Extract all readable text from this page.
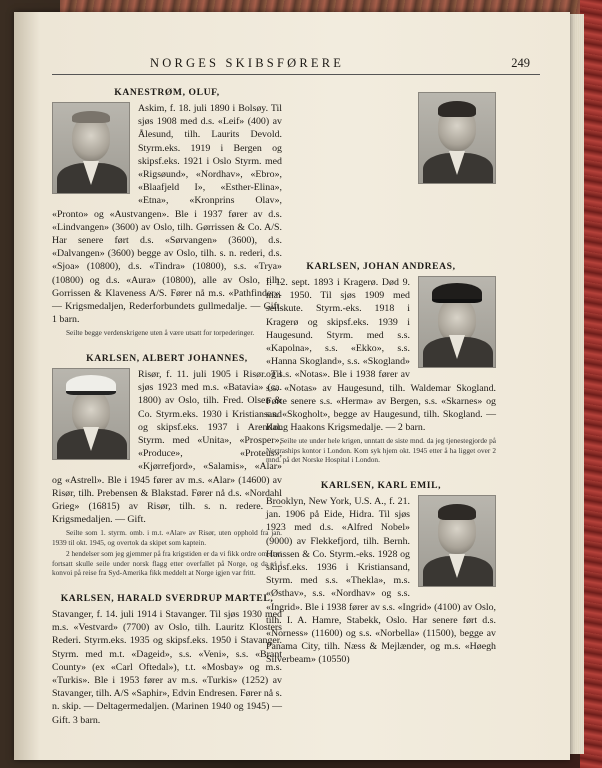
NORGES SKIBSFØRERE	249
KANESTRØM, OLUF,

Askim, f. 18. juli 1890 i Bolsøy. Til sjøs 1908 med d.s. «Leif» (400) av Ålesund, tilh. Laurits Devold. Styrm.eks. 1919 i Bergen og skipsf.eks. 1921 i Oslo Styrm. med «Rigsøund», «Nordhav», «Ebro», «Blaafjeld I», «Esther-Elina», «Etna», «Kronprins Olav», «Pronto» og «Austvangen». Ble i 1937 fører av d.s. «Lindvangen» (3600) av Oslo, tilh. Gørrissen & Co. A/S. Har senere ført d.s. «Sørvangen» (3600), d.s. «Dalvangen» (3600) begge av Oslo, tilh. s. n. rederi, d.s. «Sjoa» (10800), d.s. «Tindra» (10800), s.s. «Trya» (10800) og d.s. «Aura» (10800), alle av Oslo, tilh. Gorrissen & Klaveness A/S. Fører nå m.s. «Pathfinder». — Krigsmedaljen, Rederforbundets gullmedalje. — Gift. 1 barn.

Seilte begge verdenskrigene uten å være utsatt for torpederinger.

KARLSEN, ALBERT JOHANNES,

Risør, f. 11. juli 1905 i Risør. Til sjøs 1923 med m.s. «Batavia» (ca. 1800) av Oslo, tilh. Fred. Olsen & Co. Styrm.eks. 1930 i Kristiansand og skipsf.eks. 1937 i Arendal. Styrm. med «Unita», «Prosper», «Produce», «Proteus», «Kjørrefjord», «Salamis», «Alar» og «Astrell». Ble i 1945 fører av m.s. «Alar» (14600) av Risør, tilh. Prebensen & Blakstad. Fører nå d.s. «Nordahl Grieg» (16815) av Risør, tilh. s. n. redere. — Krigsmedaljen. — Gift.

Seilte som 1. styrm. omb. i m.t. «Alar» av Risør, uten opphold fra jan. 1939 til okt. 1945, og overtok da skipet som kaptein.

2 hendelser som jeg gjemmer på fra krigstiden er da vi fikk ordre om at vi fortsatt skulle seile under norsk flagg etter overfallet på Norge, og da vi i konvoi på reise fra Syd-Amerika fikk meddelt at Norge igjen var fritt.

KARLSEN, HARALD SVERDRUP MARTEL,

Stavanger, f. 14. juli 1914 i Stavanger. Til sjøs 1930 med m.s. «Vestvard» (7700) av Oslo, tilh. Lauritz Klosters Rederi. Styrm.eks. 1935 og skipsf.eks. 1950 i Stavanger. Styrm. med m.t. «Dageid», s.s. «Veni», s.s. «Brant County» (ex «Carl Oftedal»), t.t. «Mosbay» og m.s. «Turkis». Ble i 1953 fører av m.s. «Turkis» (1252) av Stavanger, tilh. A/S «Saphir», Edvin Endresen. Fører nå s. n. skip. — Deltagermedaljen. (Marinen 1940 og 1945) — Gift. 3 barn.

KARLSEN, JOHAN ANDREAS,

f. 12. sept. 1893 i Kragerø. Død 9. mai 1950. Til sjøs 1909 med seilskute. Styrm.-eks. 1918 i Kragerø og skipsf.eks. 1939 i Haugesund. Styrm. med s.s. «Kapolna», s.s. «Ekko», s.s. «Hanna Skogland», s.s. «Skogland» og s.s. «Notas». Ble i 1938 fører av s.s. «Notas» av Haugesund, tilh. Waldemar Skogland. Førte senere s.s. «Herma» av Bergen, s.s. «Skarnes» og s.s. «Skogholt», begge av Haugesund, tilh. Skogland. — Kong Haakons Krigsmedalje. — 2 barn.

Seilte ute under hele krigen, unntatt de siste mnd. da jeg tjenestegjorde på Nortraships kontor i London. Kom syk hjem okt. 1945 etter å ha ligget over 2 mnd. på det Norske Hospital i London.

KARLSEN, KARL EMIL,

Brooklyn, New York, U.S. A., f. 21. jan. 1906 på Eide, Hidra. Til sjøs 1923 med d.s. «Alfred Nobel» (9000) av Flekkefjord, tilh. Bernh. Hanssen & Co. Styrm.-eks. 1928 og skipsf.eks. 1936 i Kristiansand, Styrm. med s.s. «Thekla», m.s. «Østhav», s.s. «Nordhav» og s.s. «Ingrid». Ble i 1938 fører av s.s. «Ingrid» (4100) av Oslo, tilh. I. A. Hamre, Stabekk, Oslo. Har senere ført d.s. «Norness» (11600) og s.s. «Norbella» (11500), begge av Panama City, tilh. Næss & Mejlænder, og m.s. «Høegh Silverbeam» (10550)
